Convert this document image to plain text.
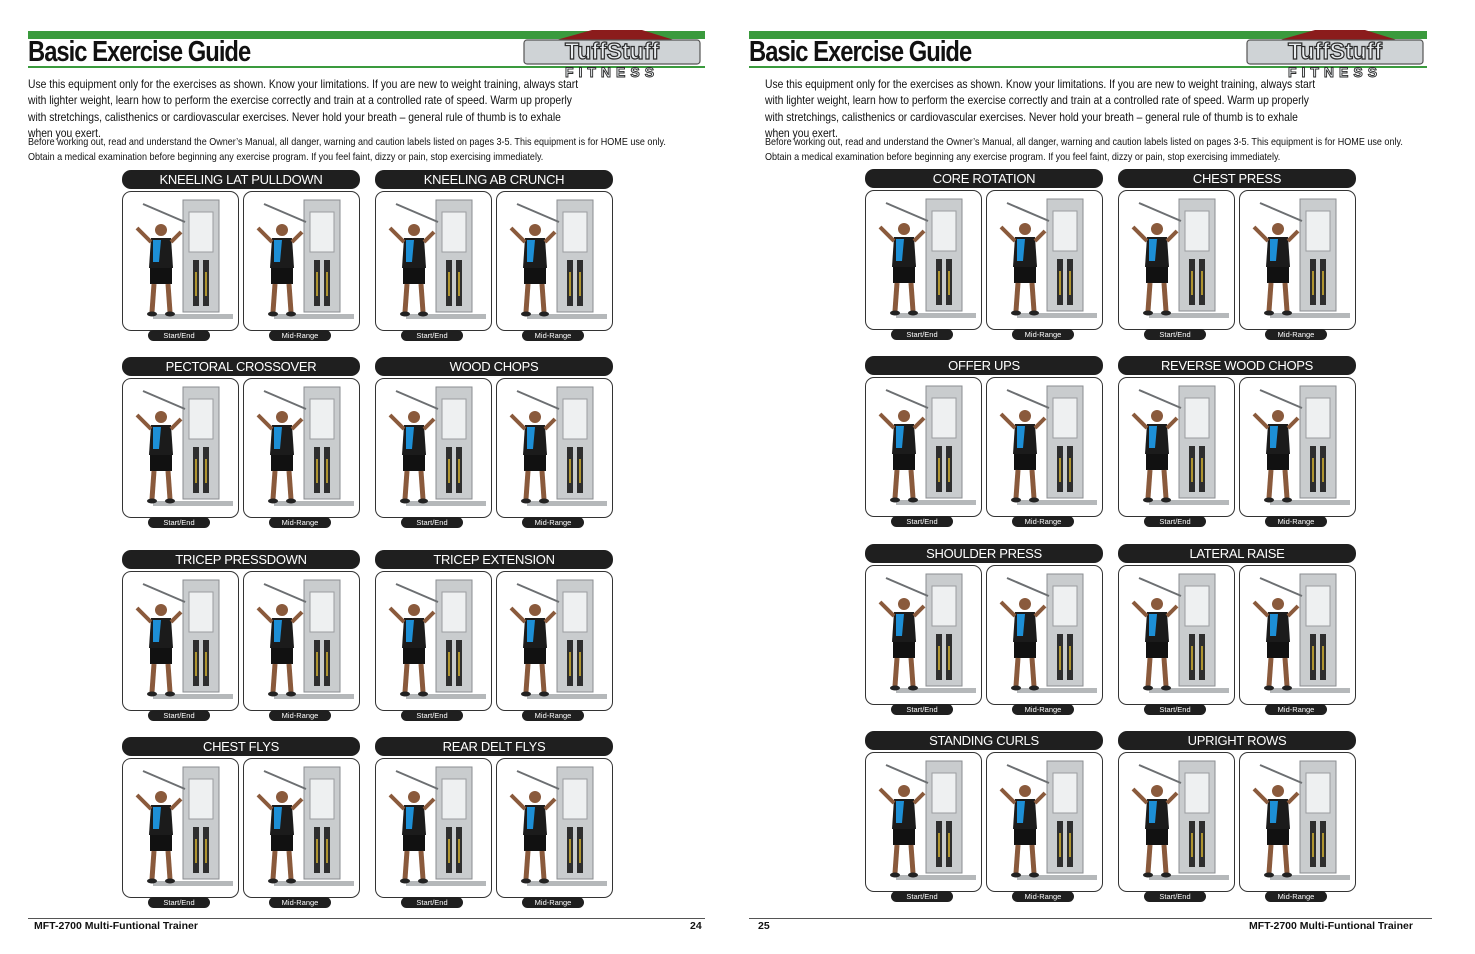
Basic Exercise Guide	TuffStuff
FITNESS

Use this equipment only for the exercises as shown. Know your limitations. If you are new to weight training, always start with lighter weight, learn how to perform the exercise correctly and train at a controlled rate of speed. Warm up properly with stretchings, calisthenics or cardiovascular exercises. Never hold your breath – general rule of thumb is to exhale when you exert.

Before working out, read and understand the Owner’s Manual, all danger, warning and caution labels listed on pages 3-5. This equipment is for HOME use only. Obtain a medical examination before beginning any exercise program. If you feel faint, dizzy or pain, stop exercising immediately.

KNEELING LAT PULLDOWN
Start/End	Mid-Range
KNEELING AB CRUNCH
Start/End	Mid-Range
PECTORAL CROSSOVER
Start/End	Mid-Range
WOOD CHOPS
Start/End	Mid-Range
TRICEP PRESSDOWN
Start/End	Mid-Range
TRICEP EXTENSION
Start/End	Mid-Range
CHEST FLYS
Start/End	Mid-Range
REAR DELT FLYS
Start/End	Mid-Range
MFT-2700 Multi-Funtional Trainer	24
Basic Exercise Guide	TuffStuff
FITNESS

Use this equipment only for the exercises as shown. Know your limitations. If you are new to weight training, always start with lighter weight, learn how to perform the exercise correctly and train at a controlled rate of speed. Warm up properly with stretchings, calisthenics or cardiovascular exercises. Never hold your breath – general rule of thumb is to exhale when you exert.

Before working out, read and understand the Owner’s Manual, all danger, warning and caution labels listed on pages 3-5. This equipment is for HOME use only. Obtain a medical examination before beginning any exercise program. If you feel faint, dizzy or pain, stop exercising immediately.

CORE ROTATION
Start/End	Mid-Range
CHEST PRESS
Start/End	Mid-Range
OFFER UPS
Start/End	Mid-Range
REVERSE WOOD CHOPS
Start/End	Mid-Range
SHOULDER PRESS
Start/End	Mid-Range
LATERAL RAISE
Start/End	Mid-Range
STANDING CURLS
Start/End	Mid-Range
UPRIGHT ROWS
Start/End	Mid-Range
25	MFT-2700 Multi-Funtional Trainer
